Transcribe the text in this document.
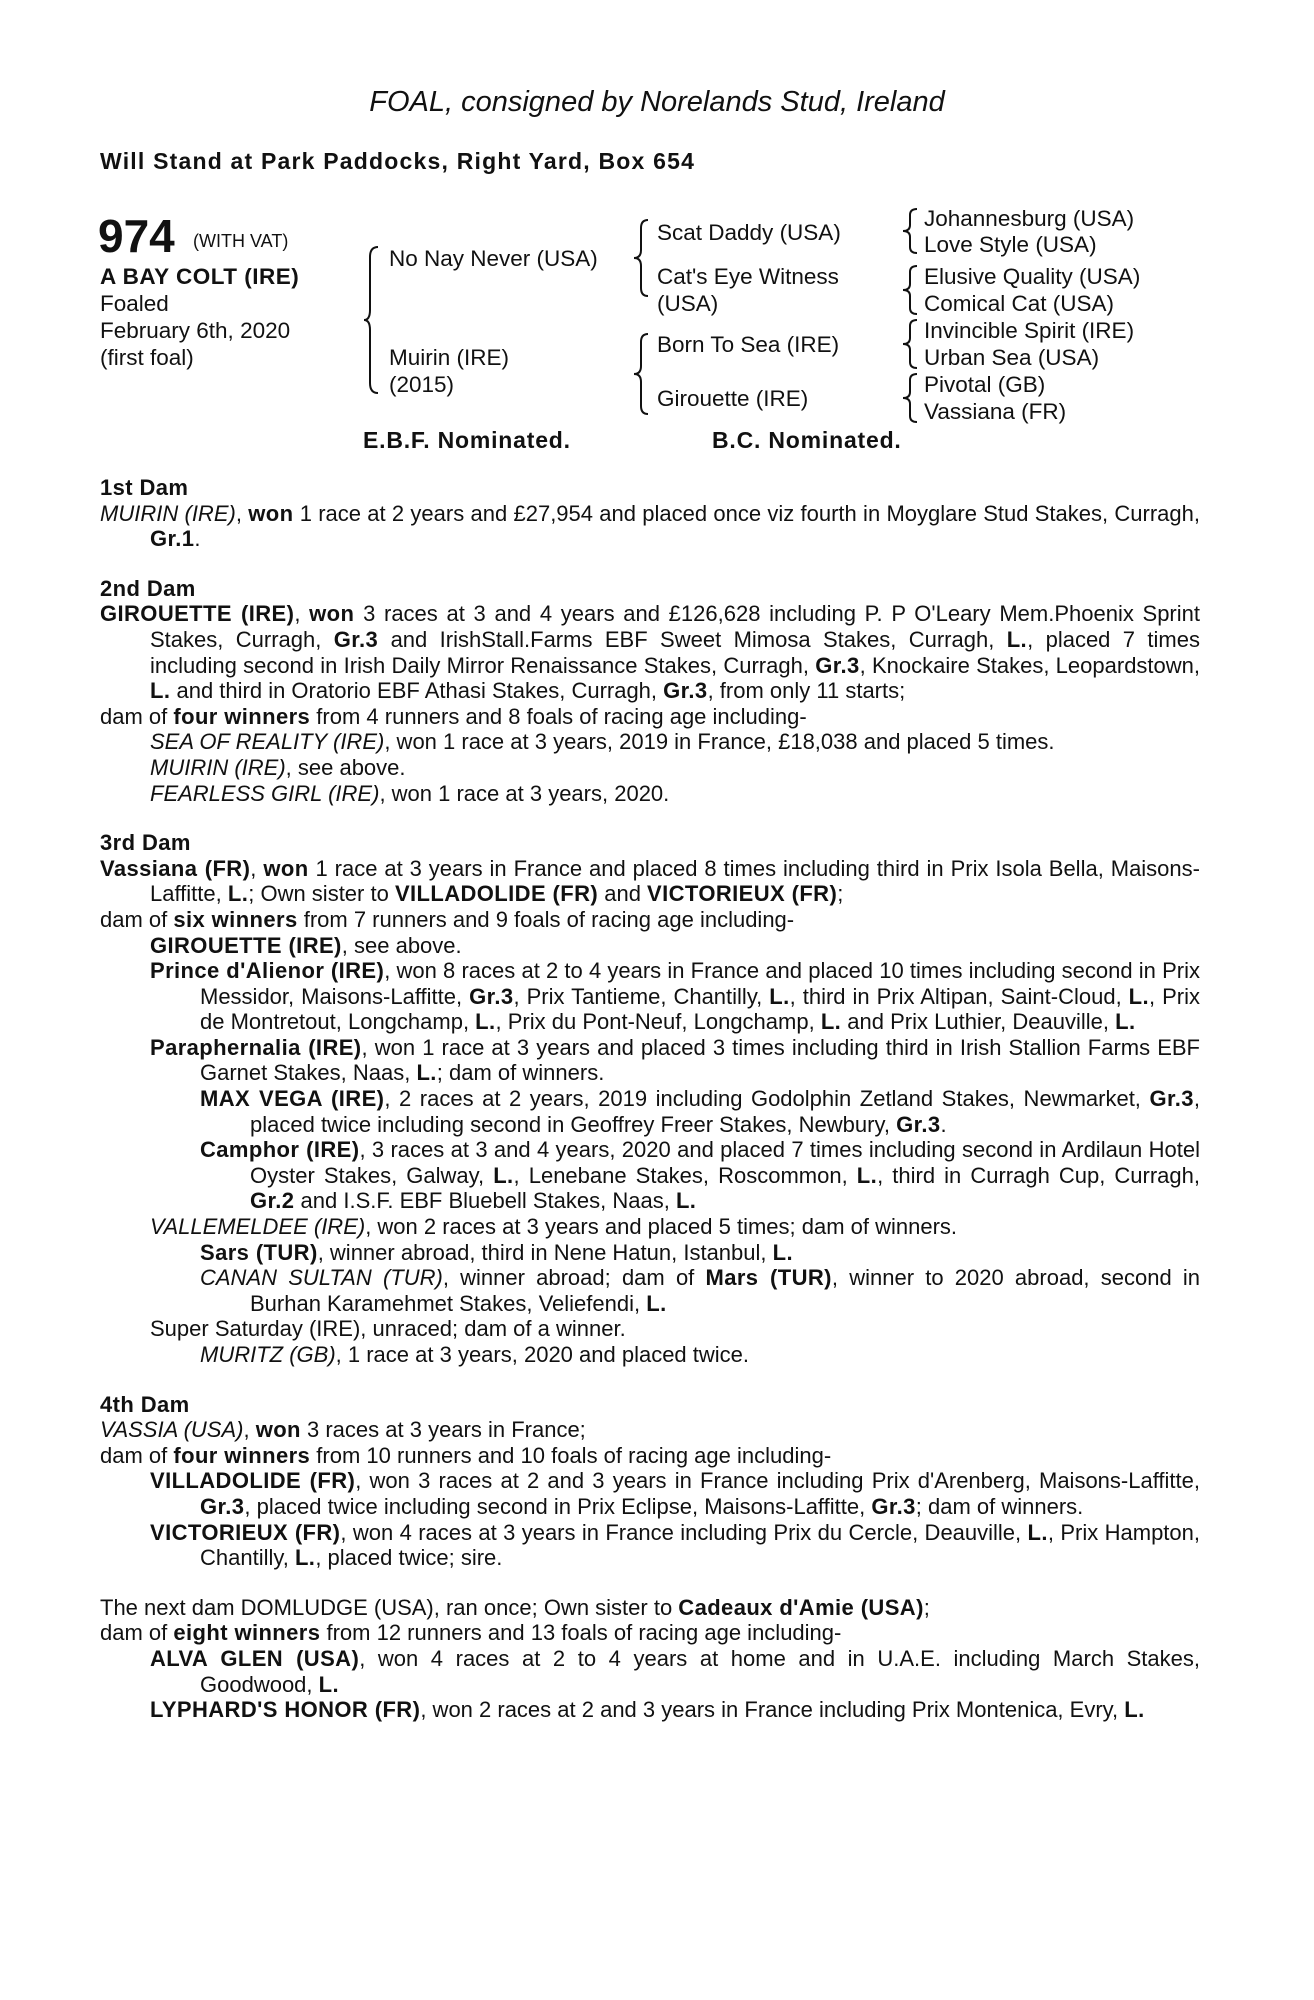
FOAL, consigned by Norelands Stud, Ireland
Will Stand at Park Paddocks, Right Yard, Box 654
974 (WITH VAT)
A BAY COLT (IRE)
Foaled
February 6th, 2020
(first foal)
No Nay Never (USA)
Muirin (IRE)
(2015)
Scat Daddy (USA)
Cat's Eye Witness
(USA)
Born To Sea (IRE)
Girouette (IRE)
Johannesburg (USA)
Love Style (USA)
Elusive Quality (USA)
Comical Cat (USA)
Invincible Spirit (IRE)
Urban Sea (USA)
Pivotal (GB)
Vassiana (FR)
E.B.F. Nominated.	B.C. Nominated.
1st Dam
MUIRIN (IRE), won 1 race at 2 years and £27,954 and placed once viz fourth in Moyglare Stud Stakes, Curragh, Gr.1.
2nd Dam
GIROUETTE (IRE), won 3 races at 3 and 4 years and £126,628 including P. P O'Leary Mem.Phoenix Sprint Stakes, Curragh, Gr.3 and IrishStall.Farms EBF Sweet Mimosa Stakes, Curragh, L., placed 7 times including second in Irish Daily Mirror Renaissance Stakes, Curragh, Gr.3, Knockaire Stakes, Leopardstown, L. and third in Oratorio EBF Athasi Stakes, Curragh, Gr.3, from only 11 starts;
dam of four winners from 4 runners and 8 foals of racing age including-
SEA OF REALITY (IRE), won 1 race at 3 years, 2019 in France, £18,038 and placed 5 times.
MUIRIN (IRE), see above.
FEARLESS GIRL (IRE), won 1 race at 3 years, 2020.
3rd Dam
Vassiana (FR), won 1 race at 3 years in France and placed 8 times including third in Prix Isola Bella, Maisons-Laffitte, L.; Own sister to VILLADOLIDE (FR) and VICTORIEUX (FR);
dam of six winners from 7 runners and 9 foals of racing age including-
GIROUETTE (IRE), see above.
Prince d'Alienor (IRE), won 8 races at 2 to 4 years in France and placed 10 times including second in Prix Messidor, Maisons-Laffitte, Gr.3, Prix Tantieme, Chantilly, L., third in Prix Altipan, Saint-Cloud, L., Prix de Montretout, Longchamp, L., Prix du Pont-Neuf, Longchamp, L. and Prix Luthier, Deauville, L.
Paraphernalia (IRE), won 1 race at 3 years and placed 3 times including third in Irish Stallion Farms EBF Garnet Stakes, Naas, L.; dam of winners.
MAX VEGA (IRE), 2 races at 2 years, 2019 including Godolphin Zetland Stakes, Newmarket, Gr.3, placed twice including second in Geoffrey Freer Stakes, Newbury, Gr.3.
Camphor (IRE), 3 races at 3 and 4 years, 2020 and placed 7 times including second in Ardilaun Hotel Oyster Stakes, Galway, L., Lenebane Stakes, Roscommon, L., third in Curragh Cup, Curragh, Gr.2 and I.S.F. EBF Bluebell Stakes, Naas, L.
VALLEMELDEE (IRE), won 2 races at 3 years and placed 5 times; dam of winners.
Sars (TUR), winner abroad, third in Nene Hatun, Istanbul, L.
CANAN SULTAN (TUR), winner abroad; dam of Mars (TUR), winner to 2020 abroad, second in Burhan Karamehmet Stakes, Veliefendi, L.
Super Saturday (IRE), unraced; dam of a winner.
MURITZ (GB), 1 race at 3 years, 2020 and placed twice.
4th Dam
VASSIA (USA), won 3 races at 3 years in France;
dam of four winners from 10 runners and 10 foals of racing age including-
VILLADOLIDE (FR), won 3 races at 2 and 3 years in France including Prix d'Arenberg, Maisons-Laffitte, Gr.3, placed twice including second in Prix Eclipse, Maisons-Laffitte, Gr.3; dam of winners.
VICTORIEUX (FR), won 4 races at 3 years in France including Prix du Cercle, Deauville, L., Prix Hampton, Chantilly, L., placed twice; sire.
The next dam DOMLUDGE (USA), ran once; Own sister to Cadeaux d'Amie (USA);
dam of eight winners from 12 runners and 13 foals of racing age including-
ALVA GLEN (USA), won 4 races at 2 to 4 years at home and in U.A.E. including March Stakes, Goodwood, L.
LYPHARD'S HONOR (FR), won 2 races at 2 and 3 years in France including Prix Montenica, Evry, L.
